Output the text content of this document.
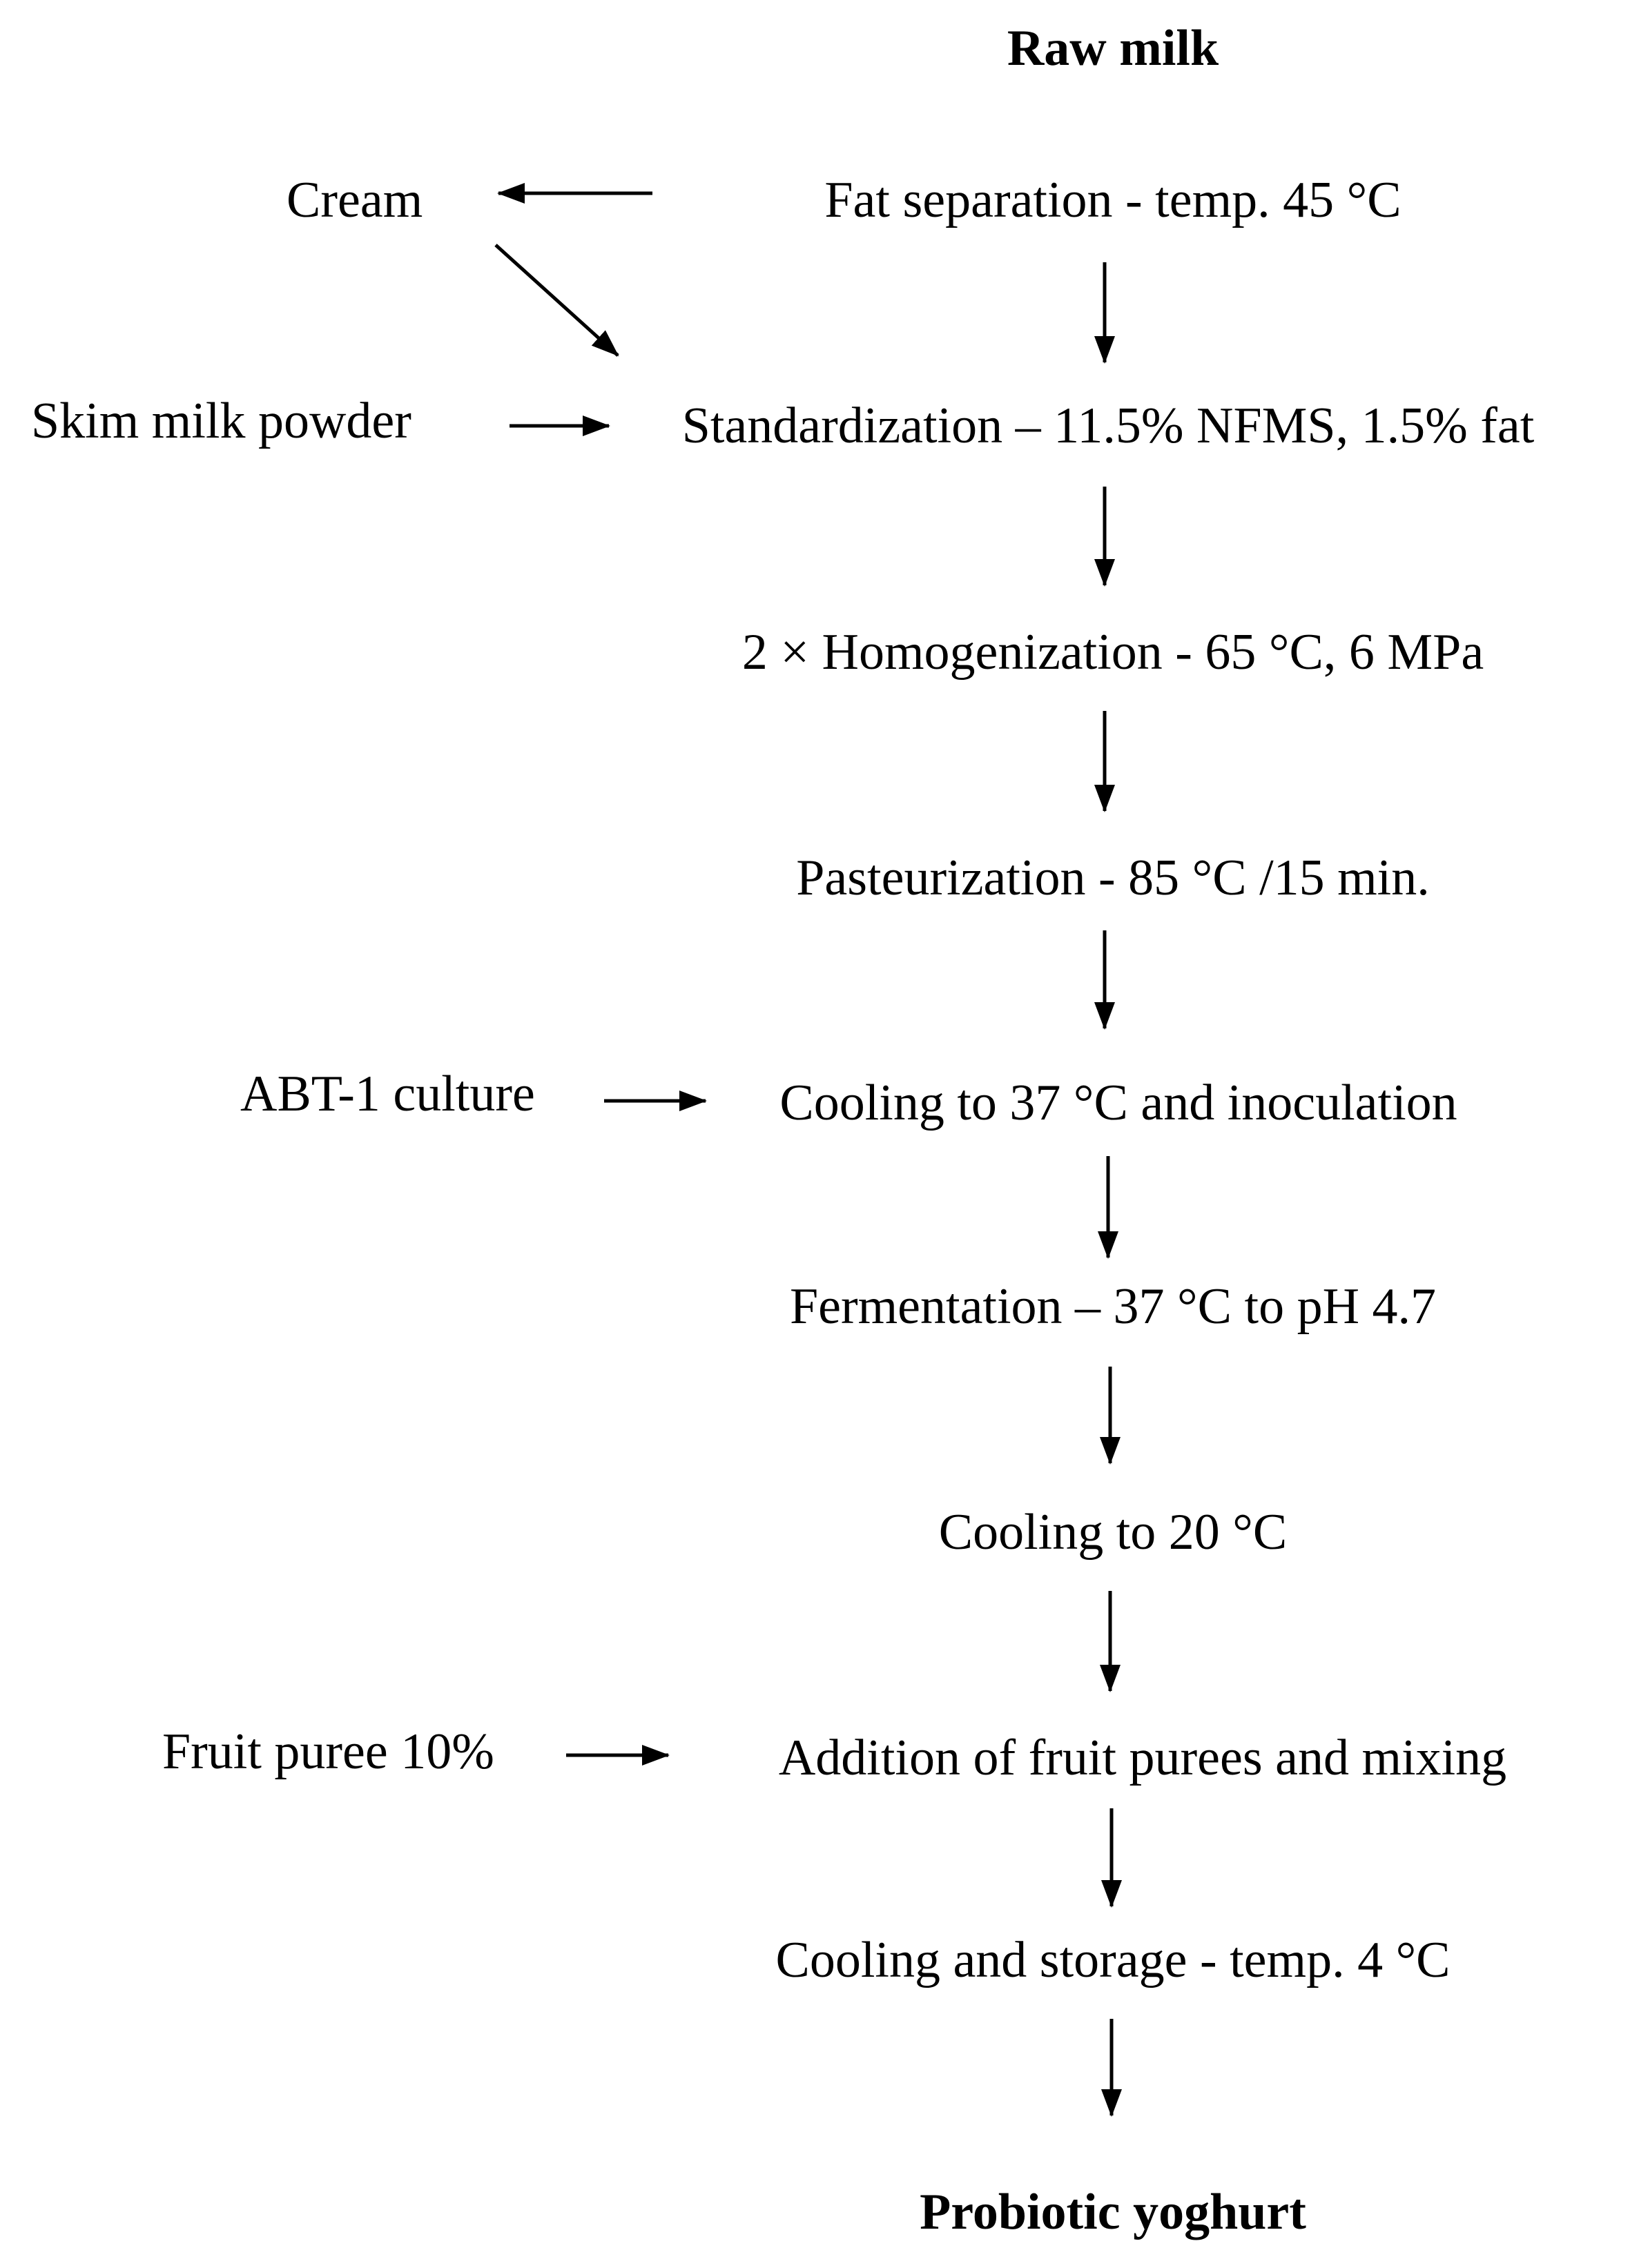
Raw milk
Fat separation - temp. 45 °C
Standardization – 11.5% NFMS, 1.5% fat
2 × Homogenization - 65 °C, 6 MPa
Pasteurization - 85 °C /15 min.
Cooling to 37 °C and inoculation
Fermentation – 37 °C to pH 4.7
Cooling to 20 °C
Addition of fruit purees and mixing
Cooling and storage - temp. 4 °C
Probiotic yoghurt
Cream
Skim milk powder
ABT-1 culture
Fruit puree 10%
